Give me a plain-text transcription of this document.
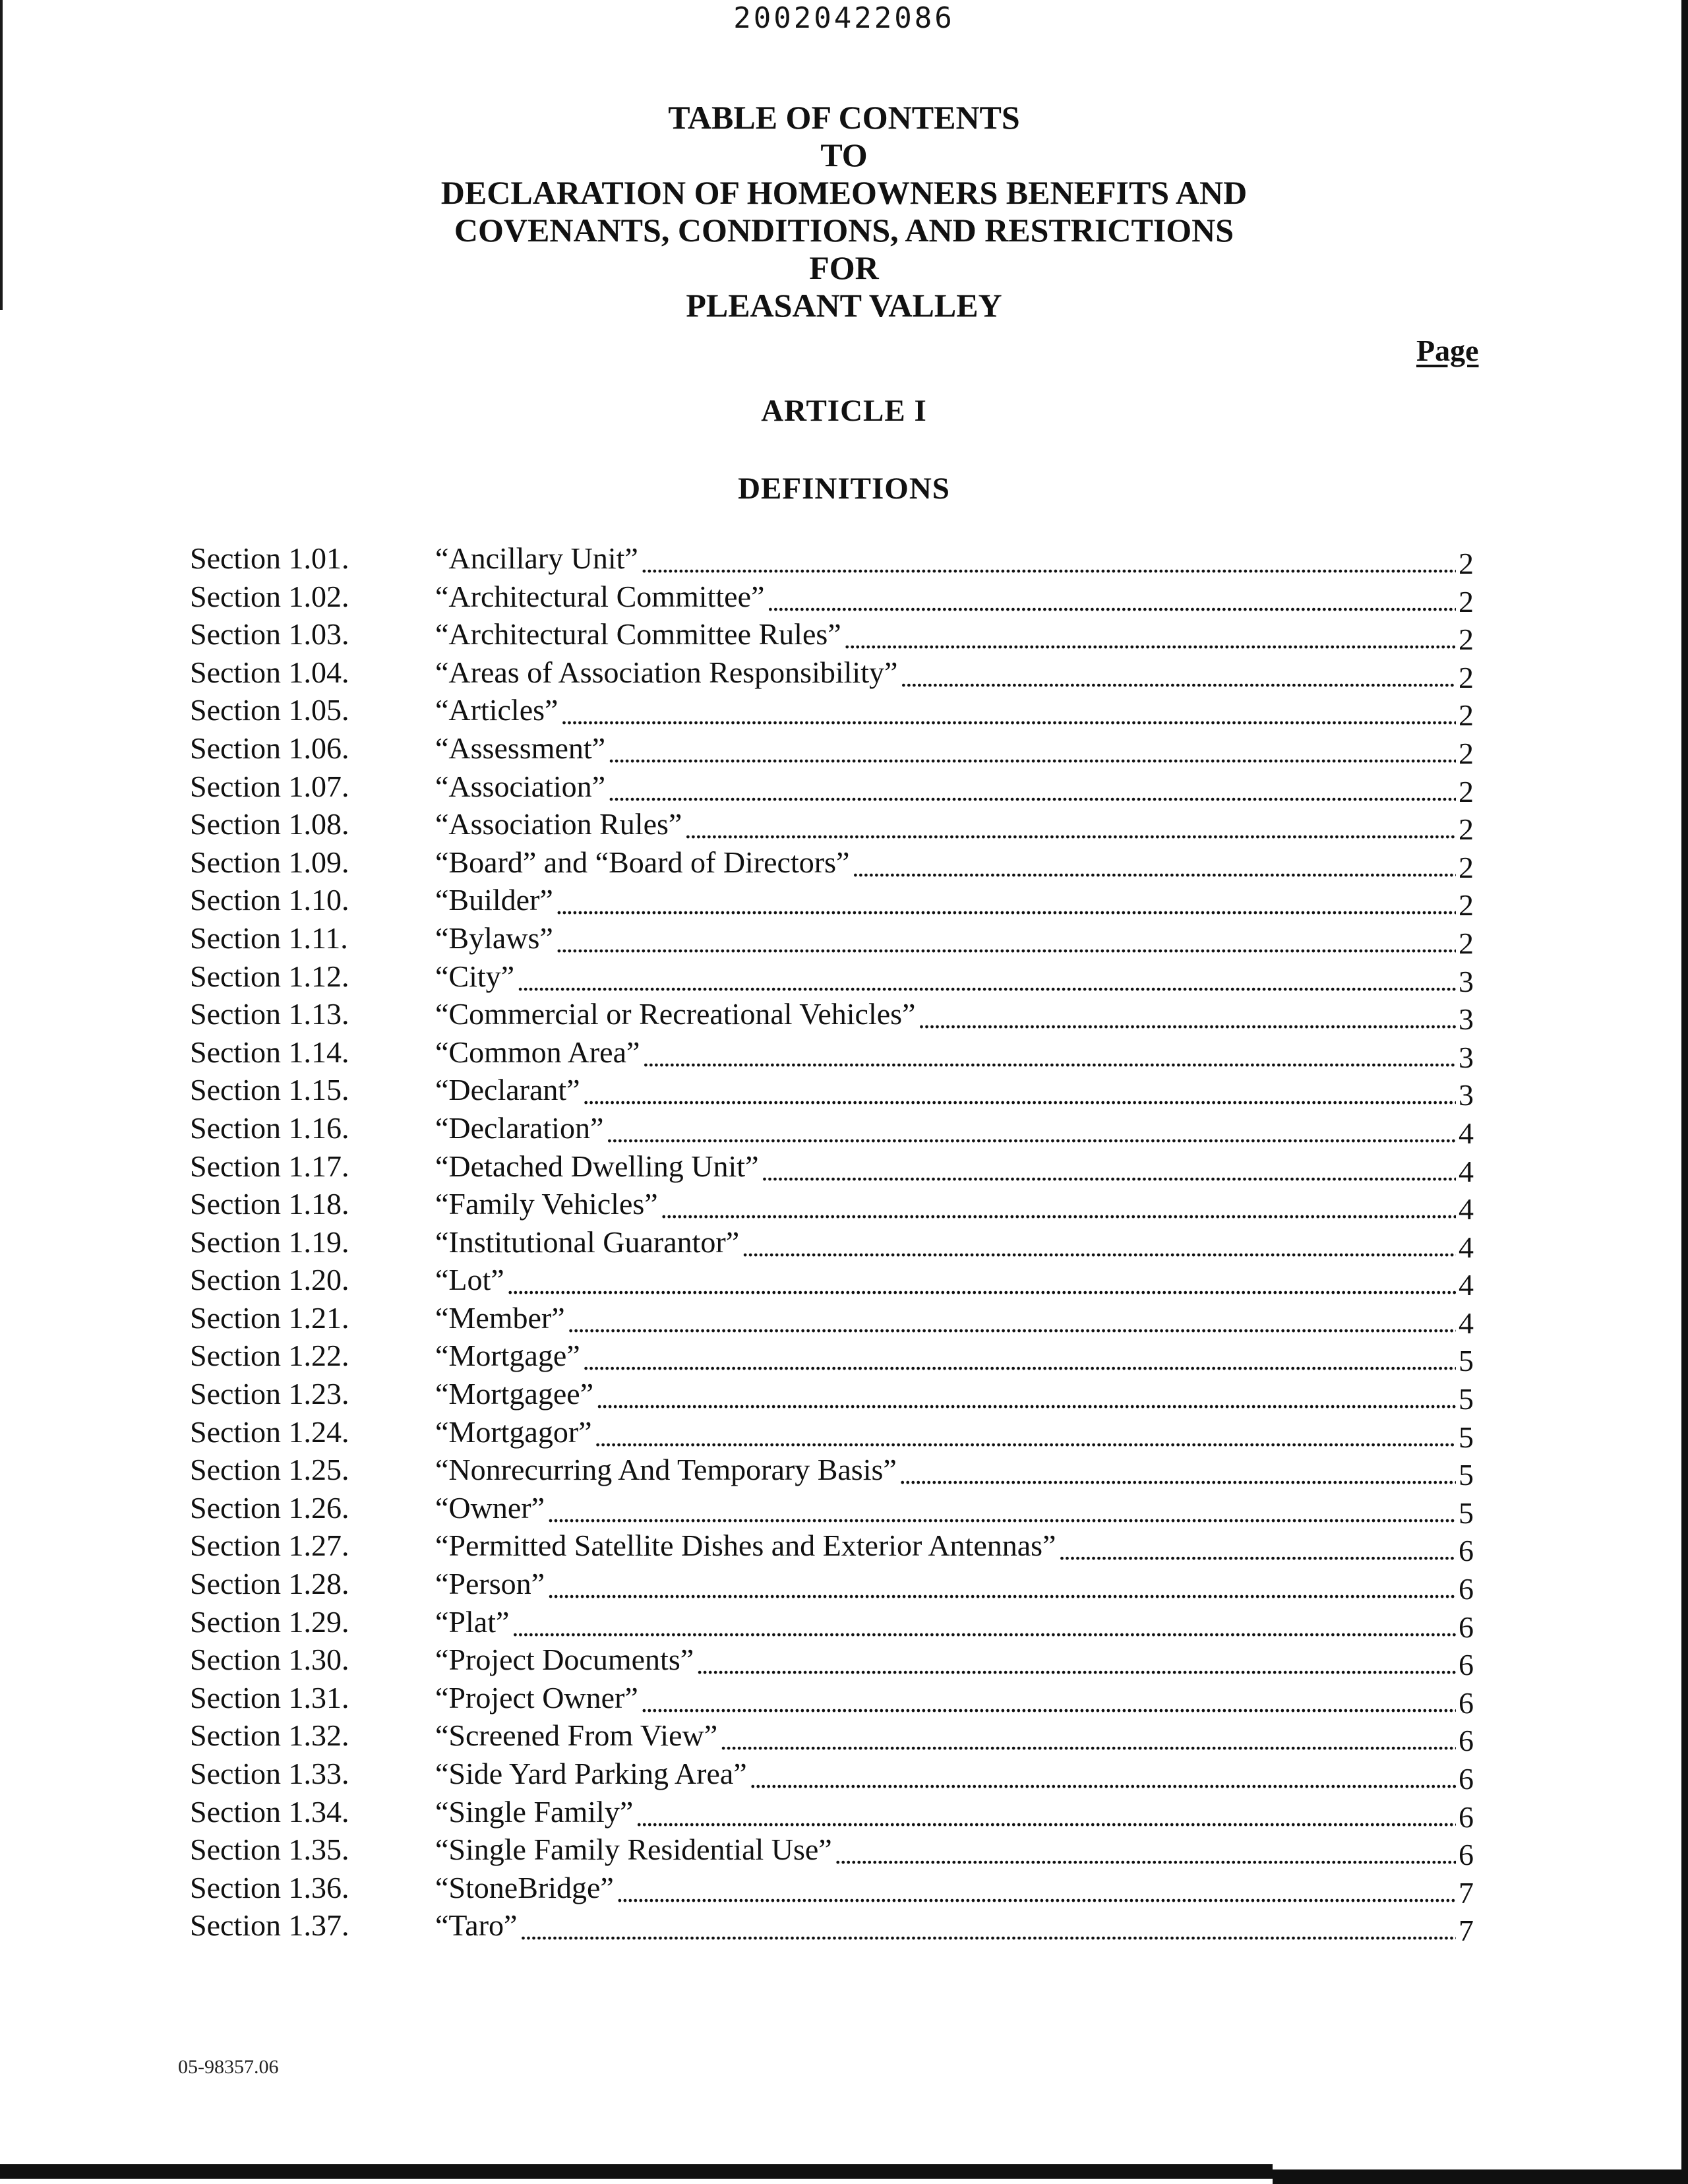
20020422086
TABLE OF CONTENTS
TO
DECLARATION OF HOMEOWNERS BENEFITS AND
COVENANTS, CONDITIONS, AND RESTRICTIONS
FOR
PLEASANT VALLEY
Page
ARTICLE I
DEFINITIONS
Section 1.01.	“Ancillary Unit” . . .	2
Section 1.02.	“Architectural Committee” . . .	2
Section 1.03.	“Architectural Committee Rules” . . .	2
Section 1.04.	“Areas of Association Responsibility” . . .	2
Section 1.05.	“Articles” . . .	2
Section 1.06.	“Assessment” . . .	2
Section 1.07.	“Association” . . .	2
Section 1.08.	“Association Rules” . . .	2
Section 1.09.	“Board” and “Board of Directors” . . .	2
Section 1.10.	“Builder” . . .	2
Section 1.11.	“Bylaws” . . .	2
Section 1.12.	“City” . . .	3
Section 1.13.	“Commercial or Recreational Vehicles” . . .	3
Section 1.14.	“Common Area” . . .	3
Section 1.15.	“Declarant” . . .	3
Section 1.16.	“Declaration” . . .	4
Section 1.17.	“Detached Dwelling Unit” . . .	4
Section 1.18.	“Family Vehicles” . . .	4
Section 1.19.	“Institutional Guarantor” . . .	4
Section 1.20.	“Lot” . . .	4
Section 1.21.	“Member” . . .	4
Section 1.22.	“Mortgage” . . .	5
Section 1.23.	“Mortgagee” . . .	5
Section 1.24.	“Mortgagor” . . .	5
Section 1.25.	“Nonrecurring And Temporary Basis” . . .	5
Section 1.26.	“Owner” . . .	5
Section 1.27.	“Permitted Satellite Dishes and Exterior Antennas” . . .	6
Section 1.28.	“Person” . . .	6
Section 1.29.	“Plat” . . .	6
Section 1.30.	“Project Documents” . . .	6
Section 1.31.	“Project Owner” . . .	6
Section 1.32.	“Screened From View” . . .	6
Section 1.33.	“Side Yard Parking Area” . . .	6
Section 1.34.	“Single Family” . . .	6
Section 1.35.	“Single Family Residential Use” . . .	6
Section 1.36.	“StoneBridge” . . .	7
Section 1.37.	“Taro” . . .	7
05-98357.06
